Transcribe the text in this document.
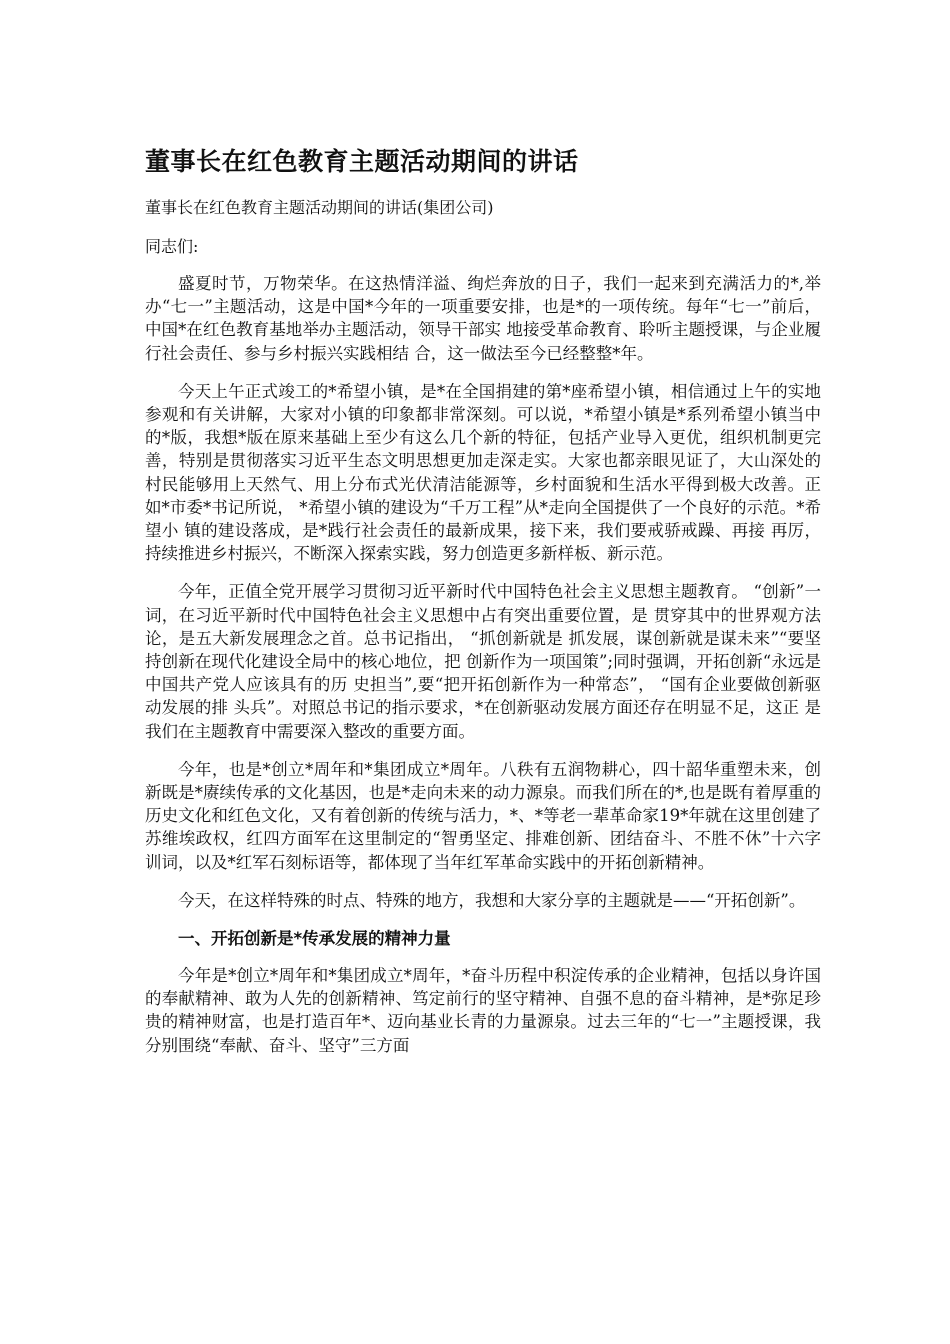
董事长在红色教育主题活动期间的讲话

董事长在红色教育主题活动期间的讲话(集团公司)

同志们:

盛夏时节，万物荣华。在这热情洋溢、绚烂奔放的日子，我们一起来到充满活力的*,举办“七一”主题活动，这是中国*今年的一项重要安排，也是*的一项传统。每年“七一”前后，中国*在红色教育基地举办主题活动，领导干部实 地接受革命教育、聆听主题授课，与企业履行社会责任、参与乡村振兴实践相结 合，这一做法至今已经整整*年。

今天上午正式竣工的*希望小镇，是*在全国捐建的第*座希望小镇，相信通过上午的实地参观和有关讲解，大家对小镇的印象都非常深刻。可以说，*希望小镇是*系列希望小镇当中的*版，我想*版在原来基础上至少有这么几个新的特征，包括产业导入更优，组织机制更完善，特别是贯彻落实习近平生态文明思想更加走深走实。大家也都亲眼见证了，大山深处的村民能够用上天然气、用上分布式光伏清洁能源等，乡村面貌和生活水平得到极大改善。正如*市委*书记所说， *希望小镇的建设为“千万工程”从*走向全国提供了一个良好的示范。*希望小 镇的建设落成，是*践行社会责任的最新成果，接下来，我们要戒骄戒躁、再接 再厉，持续推进乡村振兴，不断深入探索实践，努力创造更多新样板、新示范。

今年，正值全党开展学习贯彻习近平新时代中国特色社会主义思想主题教育。 “创新”一词，在习近平新时代中国特色社会主义思想中占有突出重要位置，是 贯穿其中的世界观方法论，是五大新发展理念之首。总书记指出， “抓创新就是 抓发展，谋创新就是谋未来”“要坚持创新在现代化建设全局中的核心地位，把 创新作为一项国策”;同时强调，开拓创新“永远是中国共产党人应该具有的历 史担当”,要“把开拓创新作为一种常态”， “国有企业要做创新驱动发展的排 头兵”。对照总书记的指示要求，*在创新驱动发展方面还存在明显不足，这正 是我们在主题教育中需要深入整改的重要方面。

今年，也是*创立*周年和*集团成立*周年。八秩有五润物耕心，四十韶华重塑未来，创新既是*赓续传承的文化基因，也是*走向未来的动力源泉。而我们所在的*,也是既有着厚重的历史文化和红色文化，又有着创新的传统与活力，*、*等老一辈革命家19*年就在这里创建了苏维埃政权，红四方面军在这里制定的“智勇坚定、排难创新、团结奋斗、不胜不休”十六字训词，以及*红军石刻标语等，都体现了当年红军革命实践中的开拓创新精神。

今天，在这样特殊的时点、特殊的地方，我想和大家分享的主题就是——“开拓创新”。

一、开拓创新是*传承发展的精神力量

今年是*创立*周年和*集团成立*周年，*奋斗历程中积淀传承的企业精神，包括以身许国的奉献精神、敢为人先的创新精神、笃定前行的坚守精神、自强不息的奋斗精神，是*弥足珍贵的精神财富，也是打造百年*、迈向基业长青的力量源泉。过去三年的“七一”主题授课，我分别围绕“奉献、奋斗、坚守”三方面
